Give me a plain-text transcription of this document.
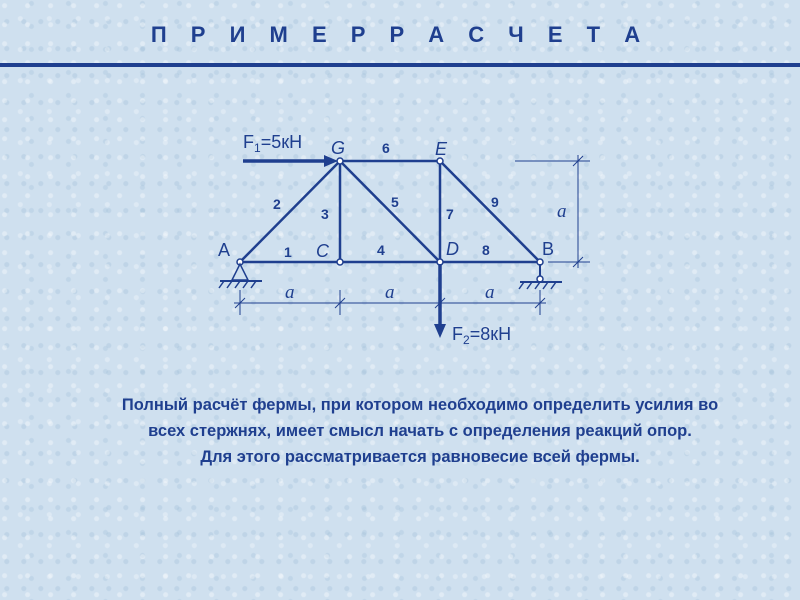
П Р И М Е Р Р А С Ч Е Т А
$F_1=5кН$
$F_2=8кН$
A	C	D	B
G	E
1
2
3
4
5
6
7
8
9
a	a	a
a

Полный расчёт фермы, при котором необходимо определить усилия во

всех стержнях, имеет смысл начать с определения реакций опор.

Для этого рассматривается равновесие всей фермы.
